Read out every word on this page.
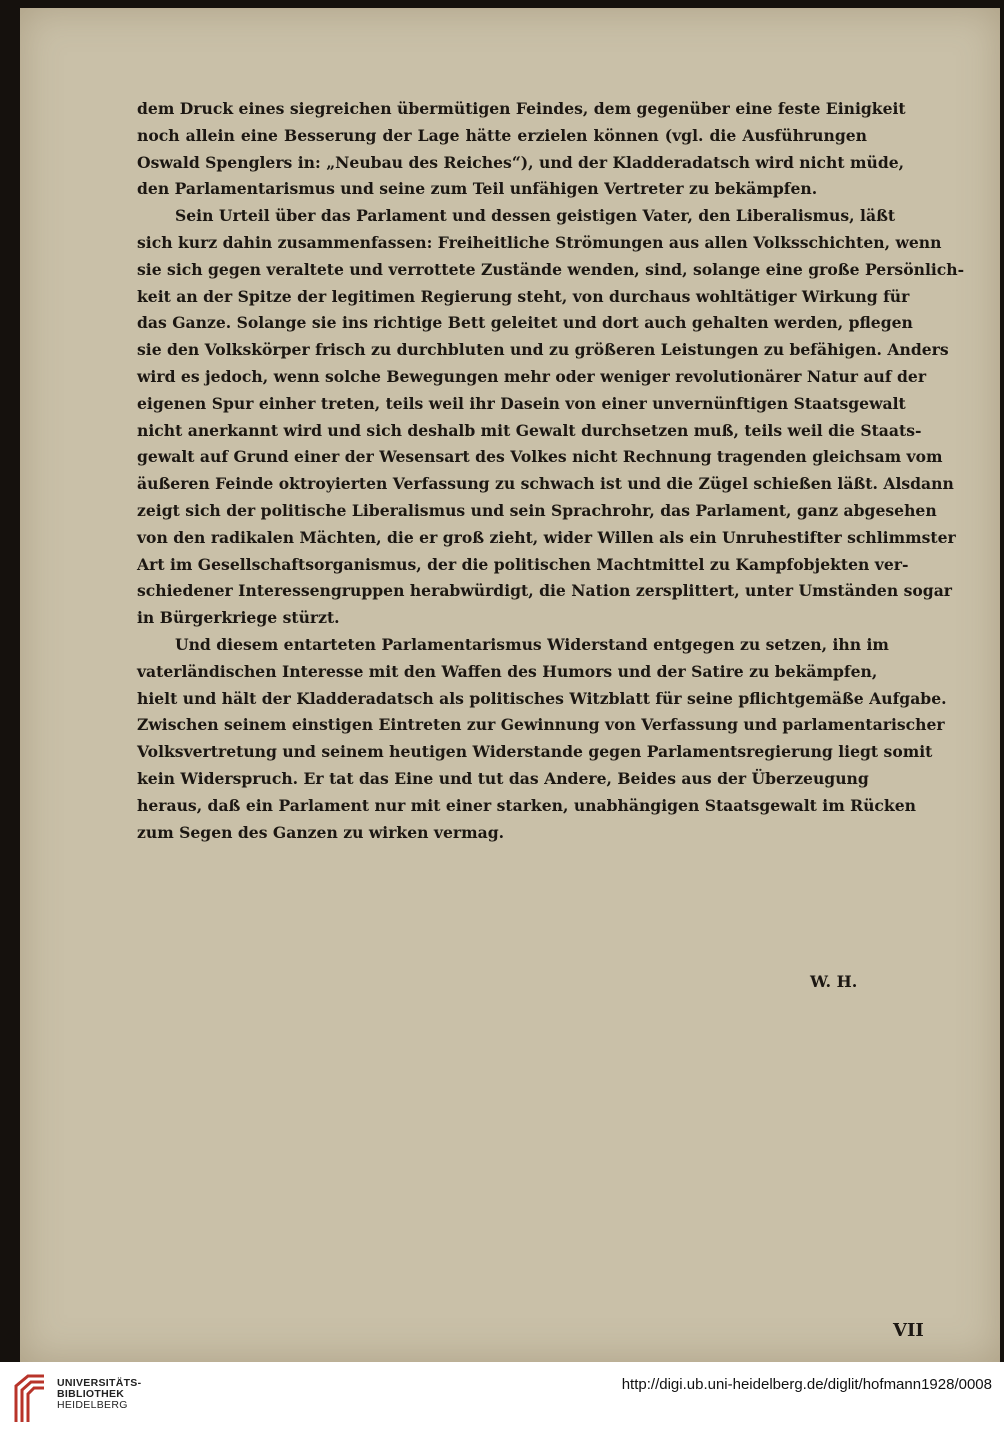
dem Druck eines siegreichen übermütigen Feindes, dem gegenüber eine feste Einigkeit
noch allein eine Besserung der Lage hätte erzielen können (vgl. die Ausführungen
Oswald Spenglers in: „Neubau des Reiches“), und der Kladderadatsch wird nicht müde,
den Parlamentarismus und seine zum Teil unfähigen Vertreter zu bekämpfen.
Sein Urteil über das Parlament und dessen geistigen Vater, den Liberalismus, läßt
sich kurz dahin zusammenfassen: Freiheitliche Strömungen aus allen Volksschichten, wenn
sie sich gegen veraltete und verrottete Zustände wenden, sind, solange eine große Persönlich-
keit an der Spitze der legitimen Regierung steht, von durchaus wohltätiger Wirkung für
das Ganze. Solange sie ins richtige Bett geleitet und dort auch gehalten werden, pflegen
sie den Volkskörper frisch zu durchbluten und zu größeren Leistungen zu befähigen. Anders
wird es jedoch, wenn solche Bewegungen mehr oder weniger revolutionärer Natur auf der
eigenen Spur einher treten, teils weil ihr Dasein von einer unvernünftigen Staatsgewalt
nicht anerkannt wird und sich deshalb mit Gewalt durchsetzen muß, teils weil die Staats-
gewalt auf Grund einer der Wesensart des Volkes nicht Rechnung tragenden gleichsam vom
äußeren Feinde oktroyierten Verfassung zu schwach ist und die Zügel schießen läßt. Alsdann
zeigt sich der politische Liberalismus und sein Sprachrohr, das Parlament, ganz abgesehen
von den radikalen Mächten, die er groß zieht, wider Willen als ein Unruhestifter schlimmster
Art im Gesellschaftsorganismus, der die politischen Machtmittel zu Kampfobjekten ver-
schiedener Interessengruppen herabwürdigt, die Nation zersplittert, unter Umständen sogar
in Bürgerkriege stürzt.
Und diesem entarteten Parlamentarismus Widerstand entgegen zu setzen, ihn im
vaterländischen Interesse mit den Waffen des Humors und der Satire zu bekämpfen,
hielt und hält der Kladderadatsch als politisches Witzblatt für seine pflichtgemäße Aufgabe.
Zwischen seinem einstigen Eintreten zur Gewinnung von Verfassung und parlamentarischer
Volksvertretung und seinem heutigen Widerstande gegen Parlamentsregierung liegt somit
kein Widerspruch. Er tat das Eine und tut das Andere, Beides aus der Überzeugung
heraus, daß ein Parlament nur mit einer starken, unabhängigen Staatsgewalt im Rücken
zum Segen des Ganzen zu wirken vermag.
W. H.
VII
UNIVERSITÄTS-
BIBLIOTHEK
HEIDELBERG
http://digi.ub.uni-heidelberg.de/diglit/hofmann1928/0008
